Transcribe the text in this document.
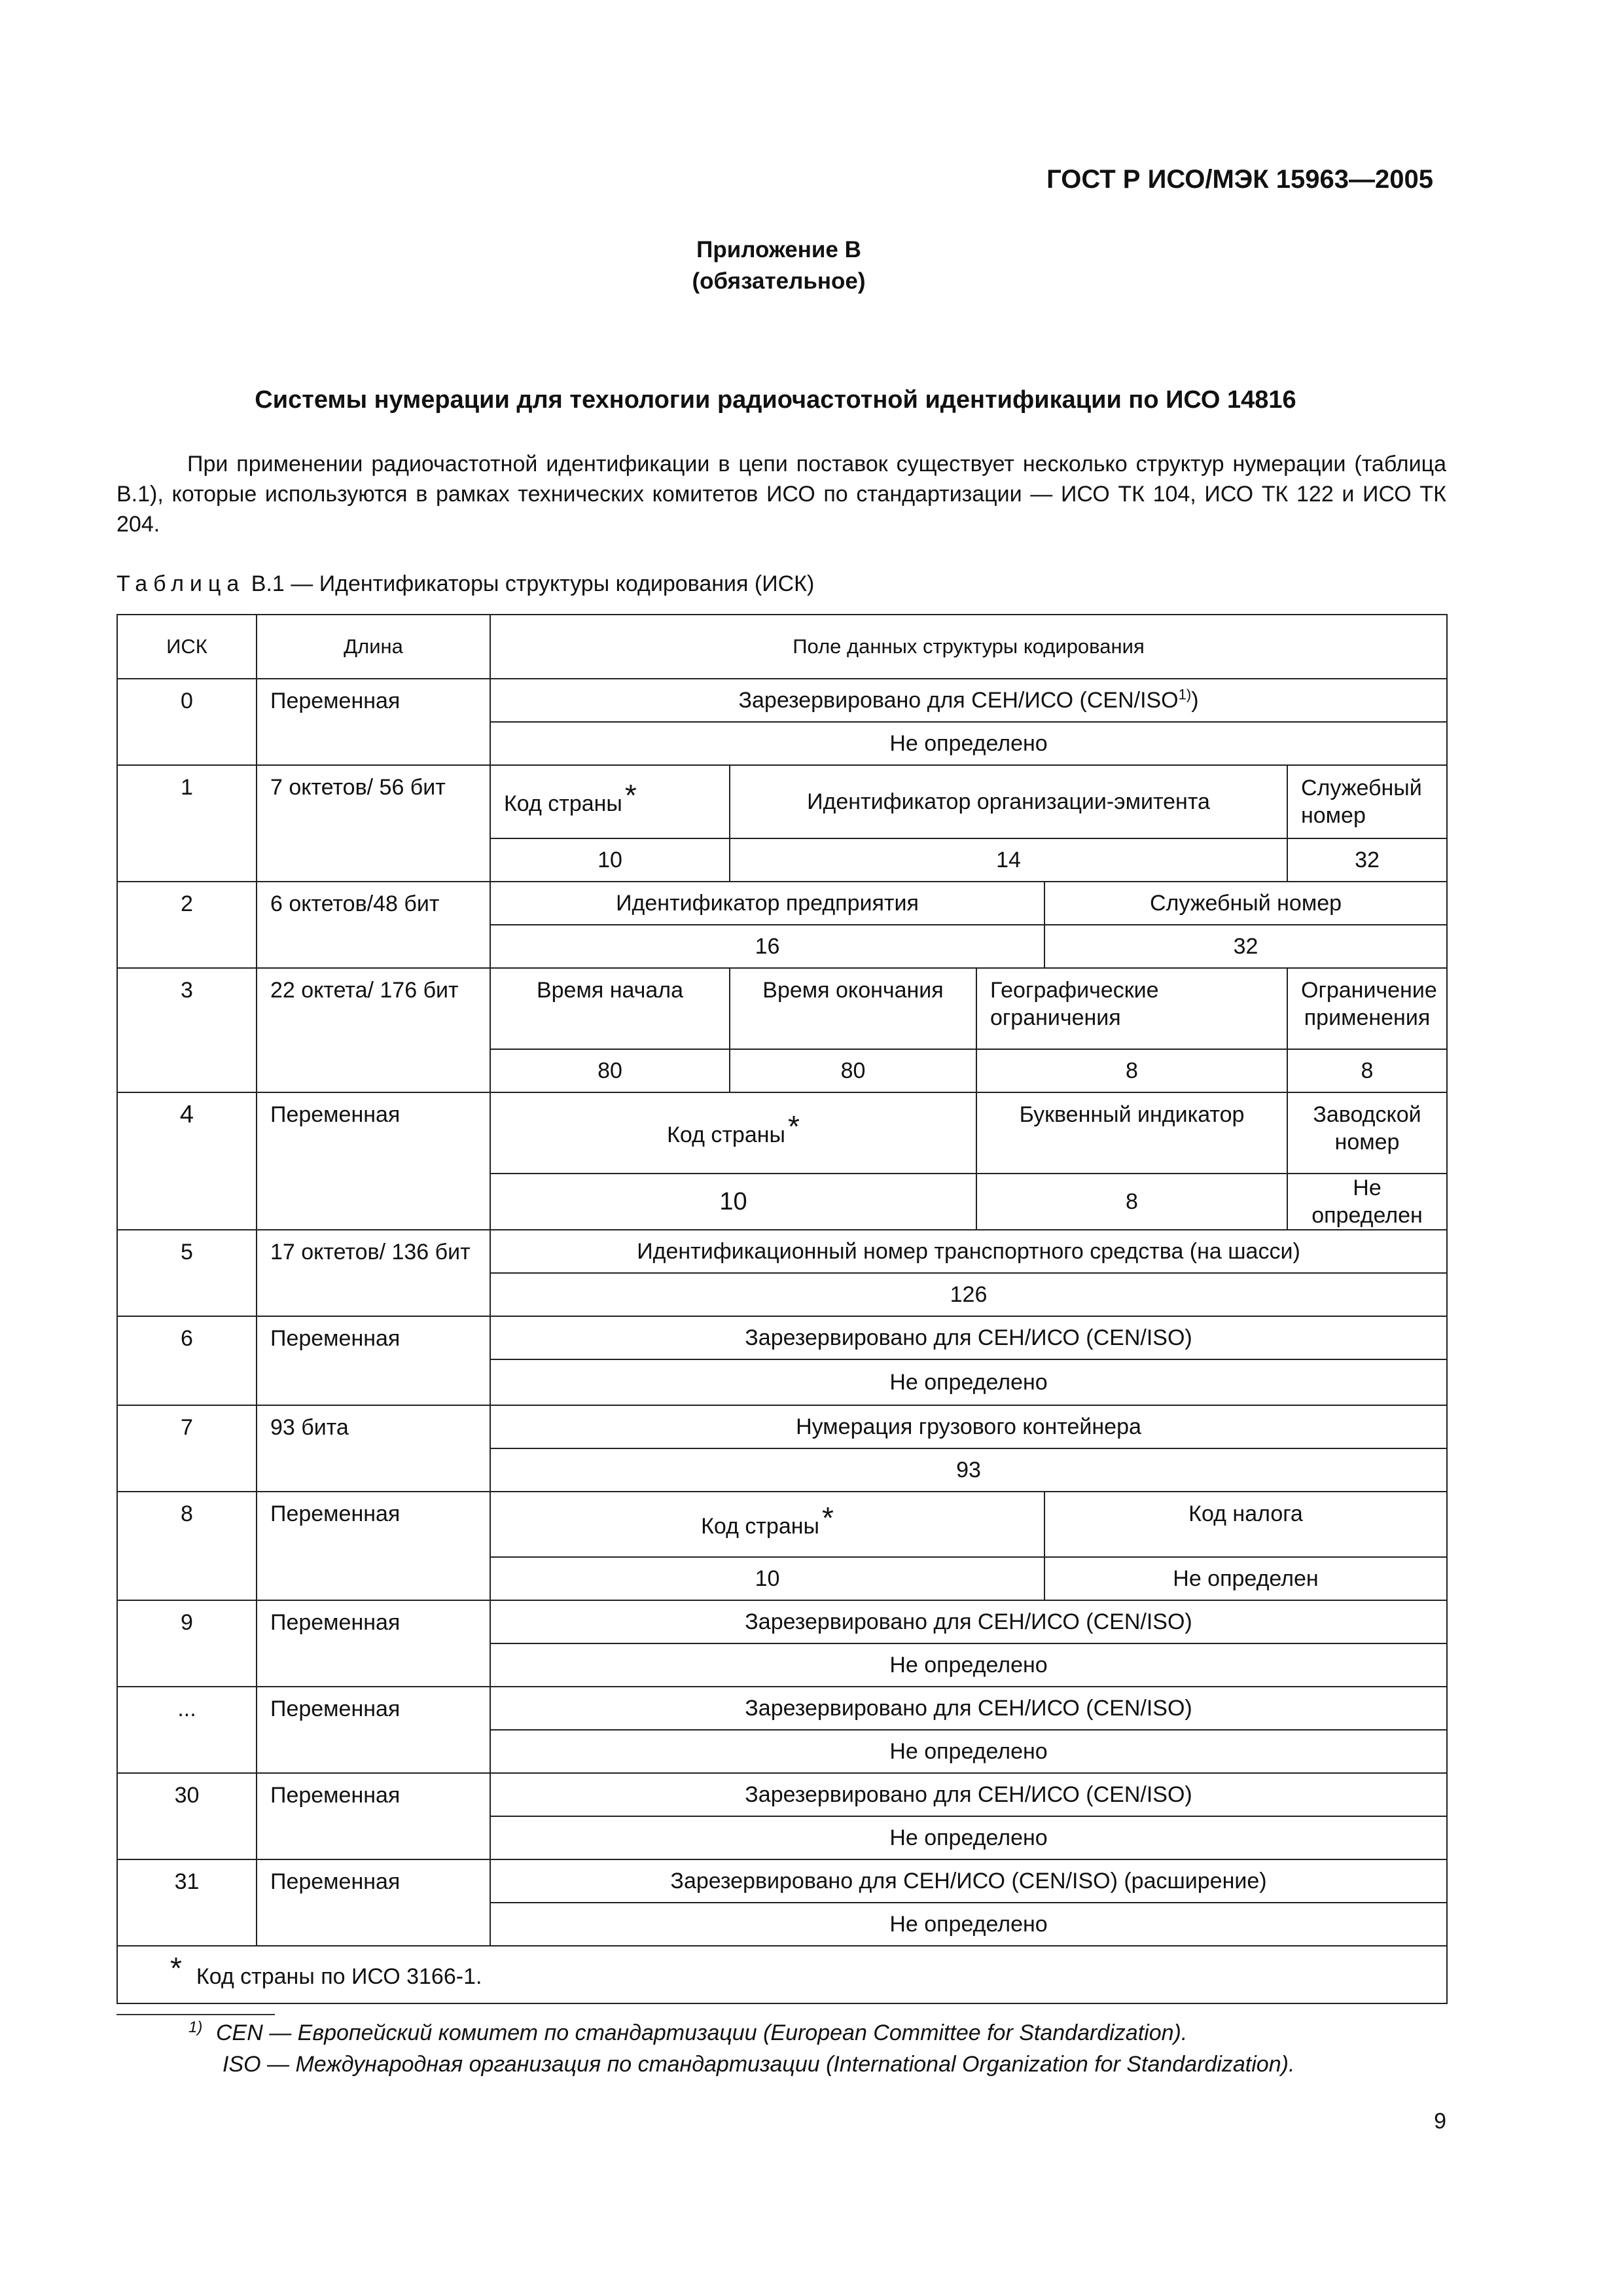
ГОСТ Р ИСО/МЭК 15963—2005
Приложение В
(обязательное)
Системы нумерации для технологии радиочастотной идентификации по ИСО 14816

При применении радиочастотной идентификации в цепи поставок существует несколько структур нумерации (таблица В.1), которые используются в рамках технических комитетов ИСО по стандартизации — ИСО ТК 104, ИСО ТК 122 и ИСО ТК 204.

Таблица В.1 — Идентификаторы структуры кодирования (ИСК)
ИСК	Длина	Поле данных структуры кодирования				
0	Переменная	Зарезервировано для СЕН/ИСО (CEN/ISO$^{1)}$)				
		Не определено				
1	7 октетов/ 56 бит	Код страны*	Идентификатор организации-эмитента			Служебный номер
		10	14			32
2	6 октетов/48 бит	Идентификатор предприятия			Служебный номер	
		16			32	
3	22 октета/ 176 бит	Время начала	Время окончания	Географические ограничения		Ограничение применения
		80	80	8		8
4	Переменная	Код страны*		Буквенный индикатор		Заводской номер
		10		8		Не определен
5	17 октетов/ 136 бит	Идентификационный номер транспортного средства (на шасси)				
		126				
6	Переменная	Зарезервировано для СЕН/ИСО (CEN/ISO)				
		Не определено				
7	93 бита	Нумерация грузового контейнера				
		93				
8	Переменная	Код страны*			Код налога	
		10			Не определен	
9	Переменная	Зарезервировано для СЕН/ИСО (CEN/ISO)				
		Не определено				
...	Переменная	Зарезервировано для СЕН/ИСО (CEN/ISO)				
		Не определено				
30	Переменная	Зарезервировано для СЕН/ИСО (CEN/ISO)				
		Не определено				
31	Переменная	Зарезервировано для СЕН/ИСО (CEN/ISO) (расширение)				
		Не определено				
* Код страны по ИСО 3166-1.						
1) CEN — Европейский комитет по стандартизации (European Committee for Standardization).
ISO — Международная организация по стандартизации (International Organization for Standardization).
9
